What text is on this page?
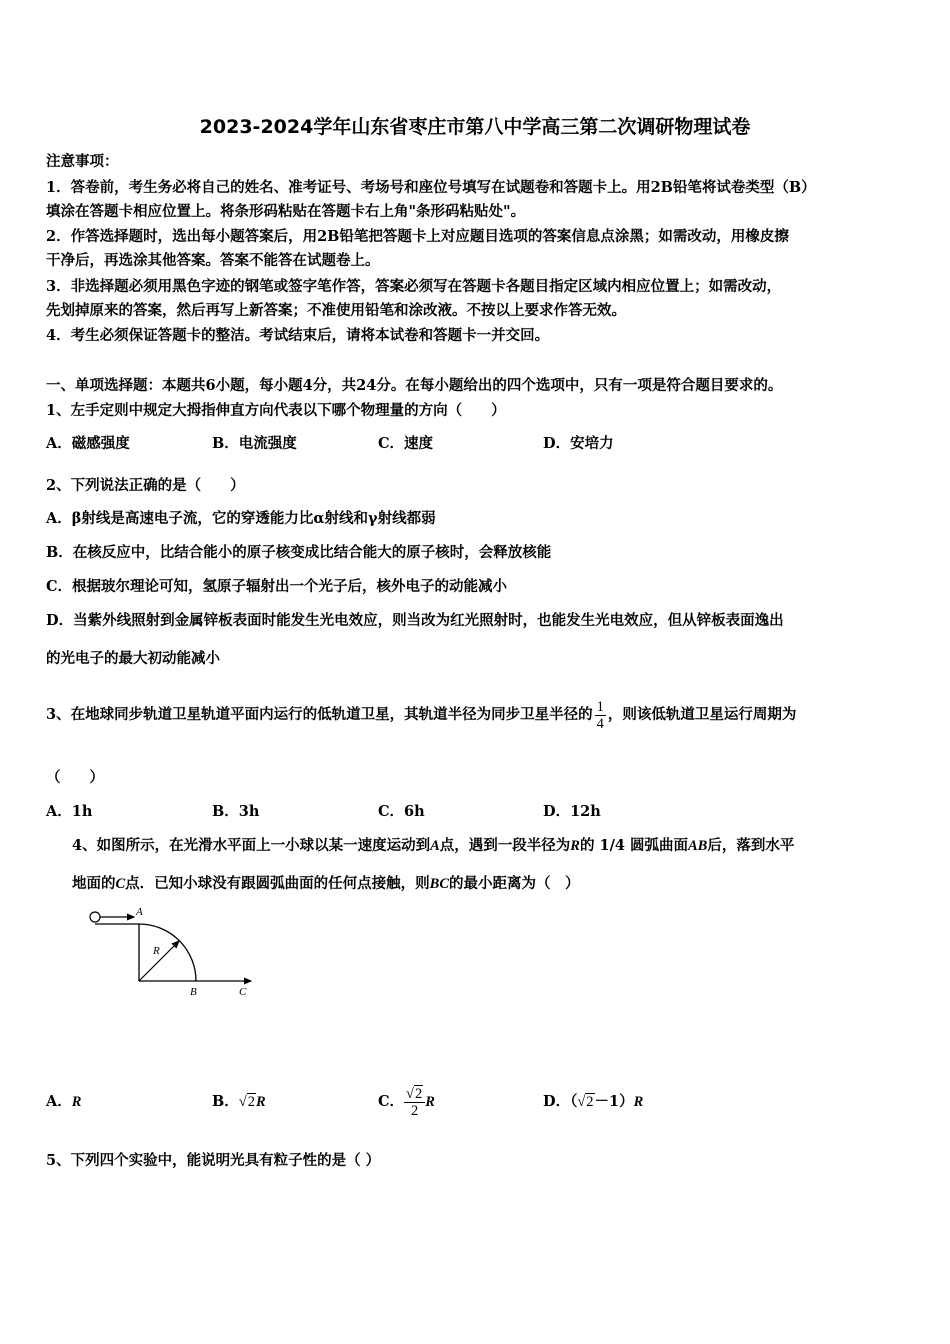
2023-2024学年山东省枣庄市第八中学高三第二次调研物理试卷
注意事项：
1．答卷前，考生务必将自己的姓名、准考证号、考场号和座位号填写在试题卷和答题卡上。用2B铅笔将试卷类型（B）
填涂在答题卡相应位置上。将条形码粘贴在答题卡右上角"条形码粘贴处"。
2．作答选择题时，选出每小题答案后，用2B铅笔把答题卡上对应题目选项的答案信息点涂黑；如需改动，用橡皮擦
干净后，再选涂其他答案。答案不能答在试题卷上。
3．非选择题必须用黑色字迹的钢笔或签字笔作答，答案必须写在答题卡各题目指定区域内相应位置上；如需改动，
先划掉原来的答案，然后再写上新答案；不准使用铅笔和涂改液。不按以上要求作答无效。
4．考生必须保证答题卡的整洁。考试结束后，请将本试卷和答题卡一并交回。
一、单项选择题：本题共6小题，每小题4分，共24分。在每小题给出的四个选项中，只有一项是符合题目要求的。
1、左手定则中规定大拇指伸直方向代表以下哪个物理量的方向（　　）
A．磁感强度	B．电流强度	C．速度	D．安培力
2、下列说法正确的是（　　）
A．β射线是高速电子流，它的穿透能力比α射线和γ射线都弱
B．在核反应中，比结合能小的原子核变成比结合能大的原子核时，会释放核能
C．根据玻尔理论可知，氢原子辐射出一个光子后，核外电子的动能减小
D．当紫外线照射到金属锌板表面时能发生光电效应，则当改为红光照射时，也能发生光电效应，但从锌板表面逸出
的光电子的最大初动能减小
3、在地球同步轨道卫星轨道平面内运行的低轨道卫星，其轨道半径为同步卫星半径的 $\frac{1}{4}$ ，则该低轨道卫星运行周期为
（　　）
A．1h	B．3h	C．6h	D．12h
4、如图所示，在光滑水平面上一小球以某一速度运动到A点，遇到一段半径为R的 1/4 圆弧曲面AB后，落到水平
地面的C点．已知小球没有跟圆弧曲面的任何点接触，则BC的最小距离为（　）
A
R
B	C
A．R	B．√2R	C． $\frac{√2}{2}$ R	D．（√2－1）R
5、下列四个实验中，能说明光具有粒子性的是（ ）
